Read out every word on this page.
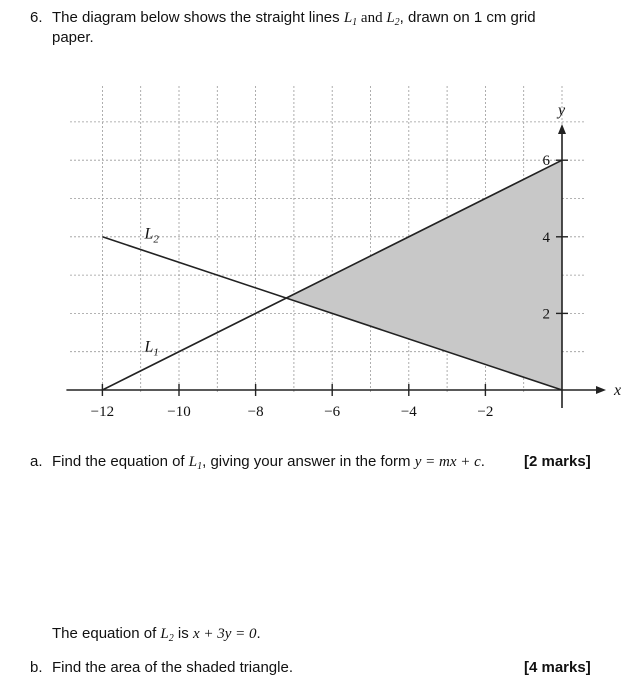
6. The diagram below shows the straight lines $L_1$ and $L_2$, drawn on 1 cm grid
paper.
−12	−10	−8	−6	−4	−2
2
4
6
x
y
$L_2$
$L_1$
a. Find the equation of $L_1$, giving your answer in the form y = mx + c.	[2 marks]
The equation of $L_2$ is x + 3y = 0.
b. Find the area of the shaded triangle.	[4 marks]
